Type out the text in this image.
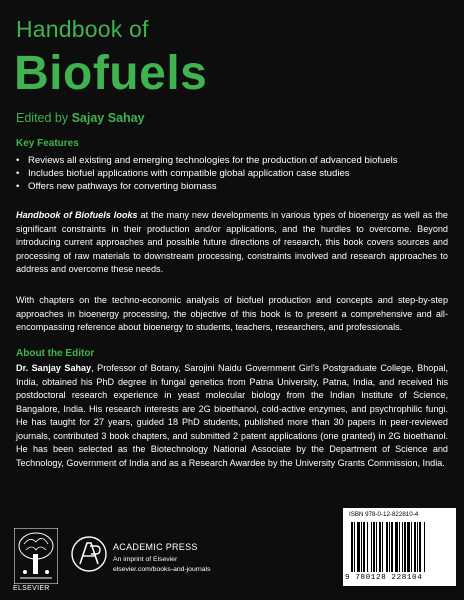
Handbook of
Biofuels
Edited by Sajay Sahay
Key Features
• Reviews all existing and emerging technologies for the production of advanced biofuels
• Includes biofuel applications with compatible global application case studies
• Offers new pathways for converting biomass

Handbook of Biofuels looks at the many new developments in various types of bioenergy as well as the significant constraints in their production and/or applications, and the hurdles to overcome. Beyond introducing current approaches and possible future directions of research, this book covers sources and processing of raw materials to downstream processing, constraints involved and research approaches to address and overcome these needs.

With chapters on the techno-economic analysis of biofuel production and concepts and step-by-step approaches in bioenergy processing, the objective of this book is to present a comprehensive and all-encompassing reference about bioenergy to students, teachers, researchers, and professionals.

About the Editor

Dr. Sanjay Sahay, Professor of Botany, Sarojini Naidu Government Girl’s Postgraduate College, Bhopal, India, obtained his PhD degree in fungal genetics from Patna University, Patna, India, and received his postdoctoral research experience in yeast molecular biology from the Indian Institute of Science, Bangalore, India. His research interests are 2G bioethanol, cold-active enzymes, and psychrophilic fungi. He has taught for 27 years, guided 18 PhD students, published more than 30 papers in peer-reviewed journals, contributed 3 book chapters, and submitted 2 patent applications (one granted) in 2G bioethanol. He has been selected as the Biotechnology National Associate by the Department of Science and Technology, Government of India and as a Research Awardee by the University Grants Commission, India.

ISBN 978-0-12-822810-4
9 780128 228104
ELSEVIER
ACADEMIC PRESS
An imprint of Elsevier
elsevier.com/books-and-journals
